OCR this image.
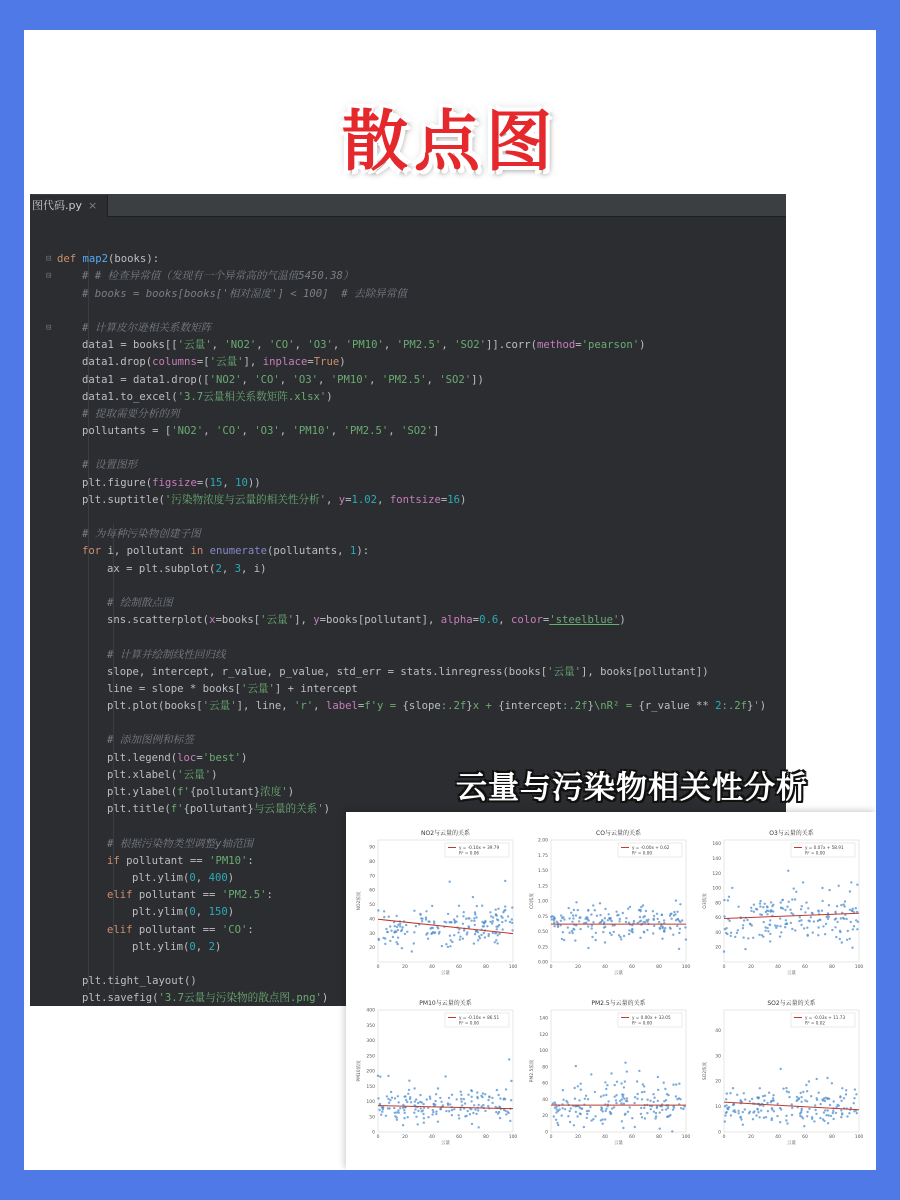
散点图
图代码.py ×
⊟ def map2(books):
⊟	# # 检查异常值（发现有一个异常高的气温值5450.38）
# books = books[books['相对湿度'] < 100]  # 去除异常值
⊟	# 计算皮尔逊相关系数矩阵
data1 = books[['云量', 'NO2', 'CO', 'O3', 'PM10', 'PM2.5', 'SO2']].corr(method='pearson')
data1.drop(columns=['云量'], inplace=True)
data1 = data1.drop(['NO2', 'CO', 'O3', 'PM10', 'PM2.5', 'SO2'])
data1.to_excel('3.7云量相关系数矩阵.xlsx')
# 提取需要分析的列
pollutants = ['NO2', 'CO', 'O3', 'PM10', 'PM2.5', 'SO2']
# 设置图形
plt.figure(figsize=(15, 10))
plt.suptitle('污染物浓度与云量的相关性分析', y=1.02, fontsize=16)
# 为每种污染物创建子图
for i, pollutant in enumerate(pollutants, 1):
ax = plt.subplot(2, 3, i)
# 绘制散点图
sns.scatterplot(x=books['云量'], y=books[pollutant], alpha=0.6, color='steelblue')
# 计算并绘制线性回归线
slope, intercept, r_value, p_value, std_err = stats.linregress(books['云量'], books[pollutant])
line = slope * books['云量'] + intercept
plt.plot(books['云量'], line, 'r', label=f'y = {slope:.2f}x + {intercept:.2f}\nR² = {r_value ** 2:.2f}')
# 添加图例和标签
plt.legend(loc='best')
plt.xlabel('云量')
plt.ylabel(f'{pollutant}浓度')
plt.title(f'{pollutant}与云量的关系')
# 根据污染物类型调整y轴范围
if pollutant == 'PM10':
plt.ylim(0, 400)
elif pollutant == 'PM2.5':
plt.ylim(0, 150)
elif pollutant == 'CO':
plt.ylim(0, 2)
plt.tight_layout()
plt.savefig('3.7云量与污染物的散点图.png')
云量与污染物相关性分析
NO2与云量的关系
0	20	40	60	80	100
20
30
40
50
60
70
80
90
云量
NO2浓度
y = -0.10x + 39.79
R² = 0.06
CO与云量的关系
0	20	40	60	80	100
0.00
0.25
0.50
0.75
1.00
1.25
1.50
1.75
2.00
云量
CO浓度
y = -0.00x + 0.62
R² = 0.00
O3与云量的关系
0	20	40	60	80	100
20
40
60
80
100
120
140
160
云量
O3浓度
y = 0.07x + 58.91
R² = 0.00
PM10与云量的关系
0	20	40	60	80	100
0
50
100
150
200
250
300
350
400
云量
PM10浓度
y = -0.10x + 86.51
R² = 0.00
PM2.5与云量的关系
0	20	40	60	80	100
0
20
40
60
80
100
120
140
云量
PM2.5浓度
y = 0.00x + 33.05
R² = 0.00
SO2与云量的关系
0	20	40	60	80	100
0
10
20
30
40
云量
SO2浓度
y = -0.03x + 11.73
R² = 0.02
